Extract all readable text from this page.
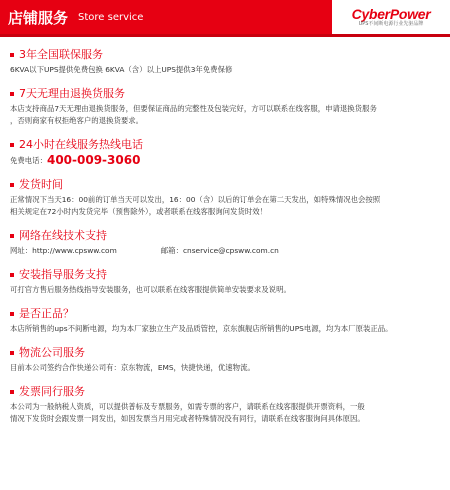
店铺服务 Store service	CyberPower
UPS不间断电源行业先驱品牌
3年全国联保服务
6KVA以下UPS提供免费包换 6KVA（含）以上UPS提供3年免费保修
7天无理由退换货服务
本店支持商品7天无理由退换货服务，但要保证商品的完整性及包装完好，方可以联系在线客服，申请退换货服务
，否则商家有权拒绝客户的退换货要求。
24小时在线服务热线电话
免费电话：400-009-3060
发货时间
正常情况下当天16：00前的订单当天可以发出，16：00（含）以后的订单会在第二天发出，如特殊情况也会按照
相关规定在72小时内发货完毕（预售除外），或者联系在线客服询问发货时效！
网络在线技术支持
网址：http://www.cpsww.com	邮箱：cnservice@cpsww.com.cn
安装指导服务支持
可打官方售后服务热线指导安装服务，也可以联系在线客服提供简单安装要求及说明。
是否正品？
本店所销售的ups不间断电源，均为本厂家独立生产及品质管控，京东旗舰店所销售的UPS电源，均为本厂原装正品。
物流公司服务
目前本公司签约合作快递公司有：京东物流，EMS，快捷快递，优速物流。
发票同行服务
本公司为一般纳税人资质，可以提供普标及专票服务，如需专票的客户，请联系在线客服提供开票资料，一般
情况下发货时会跟发票一同发出，如因发票当月用完或者特殊情况没有同行，请联系在线客服询问具体原因。
